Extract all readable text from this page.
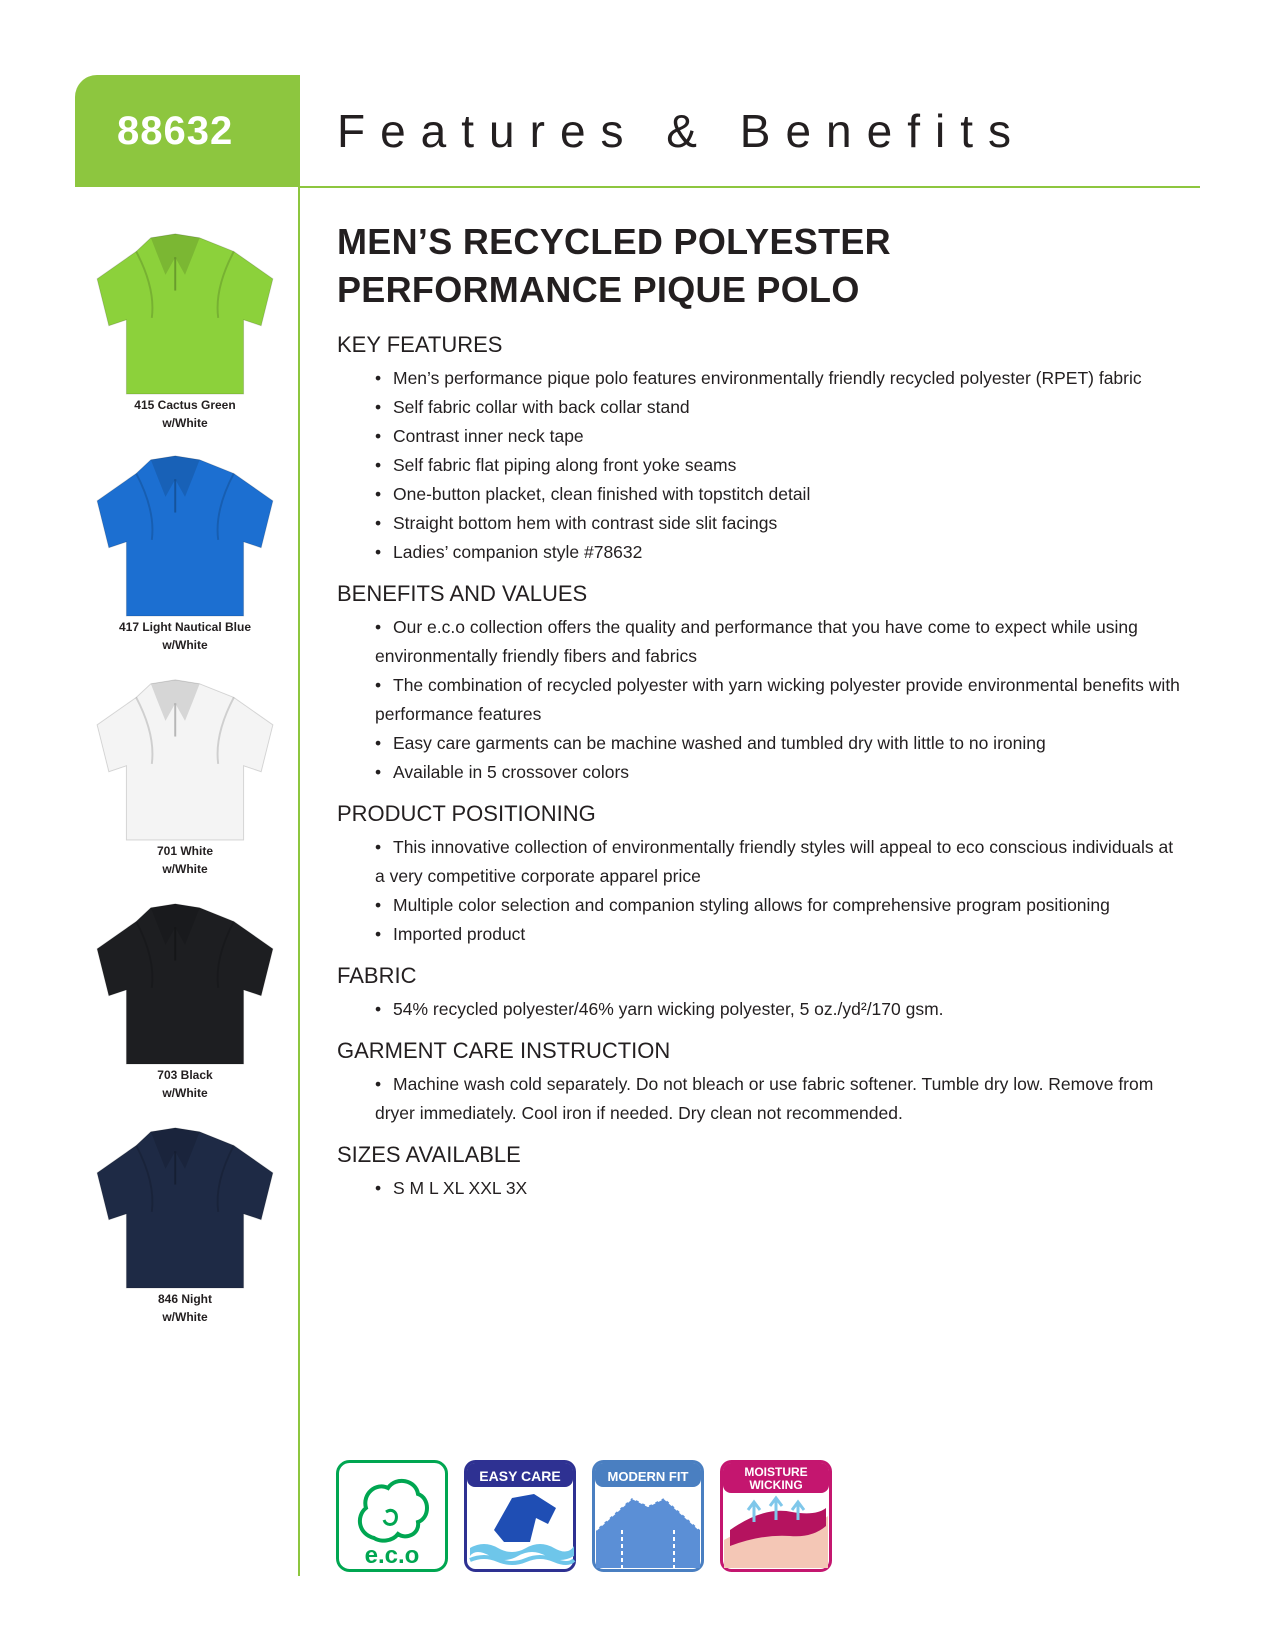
88632 Features & Benefits
415 Cactus Green
w/White
417 Light Nautical Blue
w/White
701 White
w/White
703 Black
w/White
846 Night
w/White
MEN’S RECYCLED POLYESTER
PERFORMANCE PIQUE POLO
KEY FEATURES
• Men’s performance pique polo features environmentally friendly recycled polyester (RPET) fabric
• Self fabric collar with back collar stand
• Contrast inner neck tape
• Self fabric flat piping along front yoke seams
• One-button placket, clean finished with topstitch detail
• Straight bottom hem with contrast side slit facings
• Ladies’ companion style #78632
BENEFITS AND VALUES
• Our e.c.o collection offers the quality and performance that you have come to expect while using environmentally friendly fibers and fabrics
• The combination of recycled polyester with yarn wicking polyester provide environmental benefits with performance features
• Easy care garments can be machine washed and tumbled dry with little to no ironing
• Available in 5 crossover colors
PRODUCT POSITIONING
• This innovative collection of environmentally friendly styles will appeal to eco conscious individuals at a very competitive corporate apparel price
• Multiple color selection and companion styling allows for comprehensive program positioning
• Imported product
FABRIC
• 54% recycled polyester/46% yarn wicking polyester, 5 oz./yd²/170 gsm.
GARMENT CARE INSTRUCTION
• Machine wash cold separately. Do not bleach or use fabric softener. Tumble dry low. Remove from dryer immediately. Cool iron if needed. Dry clean not recommended.
SIZES AVAILABLE
• S M L XL XXL 3X
e.c.o
EASY CARE	MODERN FIT	MOISTURE
WICKING
